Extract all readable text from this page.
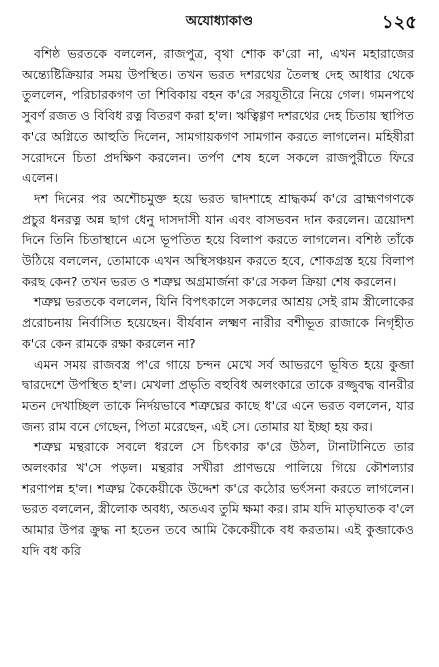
অযোধ্যাকাণ্ড	১২৫

বশিষ্ঠ ভরতকে বললেন, রাজপুত্র, বৃথা শোক ক'রো না, এখন মহারাজের অন্ত্যেষ্টিক্রিয়ার সময় উপস্থিত। তখন ভরত দশরথের তৈলস্থ দেহ আধার থেকে তুললেন, পরিচারকগণ তা শিবিকায় বহন ক'রে সরযূতীরে নিয়ে গেল। গমনপথে সুবর্ণ রজত ও বিবিধ রত্ন বিতরণ করা হ'ল। ঋত্বিগ্গণ দশরথের দেহ চিতায় স্থাপিত ক'রে অগ্নিতে আহুতি দিলেন, সামগায়কগণ সামগান করতে লাগলেন। মহিষীরা সরোদনে চিতা প্রদক্ষিণ করলেন। তর্পণ শেষ হলে সকলে রাজপুরীতে ফিরে এলেন।

দশ দিনের পর অশৌচমুক্ত হয়ে ভরত দ্বাদশাহে শ্রাদ্ধকর্ম ক'রে ব্রাহ্মণগণকে প্রচুর ধনরত্ন অন্ন ছাগ ধেনু দাসদাসী যান এবং বাসভবন দান করলেন। ত্রয়োদশ দিনে তিনি চিতাস্থানে এসে ভূপতিত হয়ে বিলাপ করতে লাগলেন। বশিষ্ঠ তাঁকে উঠিয়ে বললেন, তোমাকে এখন অস্থিসঞ্চয়ন করতে হবে, শোকগ্রস্ত হয়ে বিলাপ করছ কেন? তখন ভরত ও শত্রুঘ্ন অগ্রমার্জনা ক'রে সকল ক্রিয়া শেষ করলেন।

শত্রুঘ্ন ভরতকে বললেন, যিনি বিপৎকালে সকলের আশ্রয় সেই রাম স্ত্রীলোকের প্ররোচনায় নির্বাসিত হয়েছেন। বীর্যবান লক্ষ্মণ নারীর বশীভূত রাজাকে নিগৃহীত ক'রে কেন রামকে রক্ষা করলেন না?

এমন সময় রাজবস্ত্র প'রে গায়ে চন্দন মেখে সর্ব আভরণে ভূষিত হয়ে কুব্জা দ্বারদেশে উপস্থিত হ'ল। মেখলা প্রভৃতি বহুবিধ অলংকারে তাকে রজ্জুবদ্ধ বানরীর মতন দেখাচ্ছিল তাকে নির্দয়ভাবে শত্রুঘ্নের কাছে ধ'রে এনে ভরত বললেন, যার জন্য রাম বনে গেছেন, পিতা মরেছেন, এই সে। তোমার যা ইচ্ছা হয় কর।

শত্রুঘ্ন মন্থরাকে সবলে ধরলে সে চিৎকার ক'রে উঠল, টানাটানিতে তার অলংকার খ'সে পড়ল। মন্থরার সখীরা প্রাণভয়ে পালিয়ে গিয়ে কৌশল্যার শরণাপন্ন হ'ল। শত্রুঘ্ন কৈকেয়ীকে উদ্দেশ ক'রে কঠোর ভর্ৎসনা করতে লাগলেন। ভরত বললেন, স্ত্রীলোক অবধ্য, অতএব তুমি ক্ষমা কর। রাম যদি মাতৃঘাতক ব'লে আমার উপর ক্রুদ্ধ না হতেন তবে আমি কৈকেয়ীকে বধ করতাম। এই কুব্জাকেও যদি বধ করি
